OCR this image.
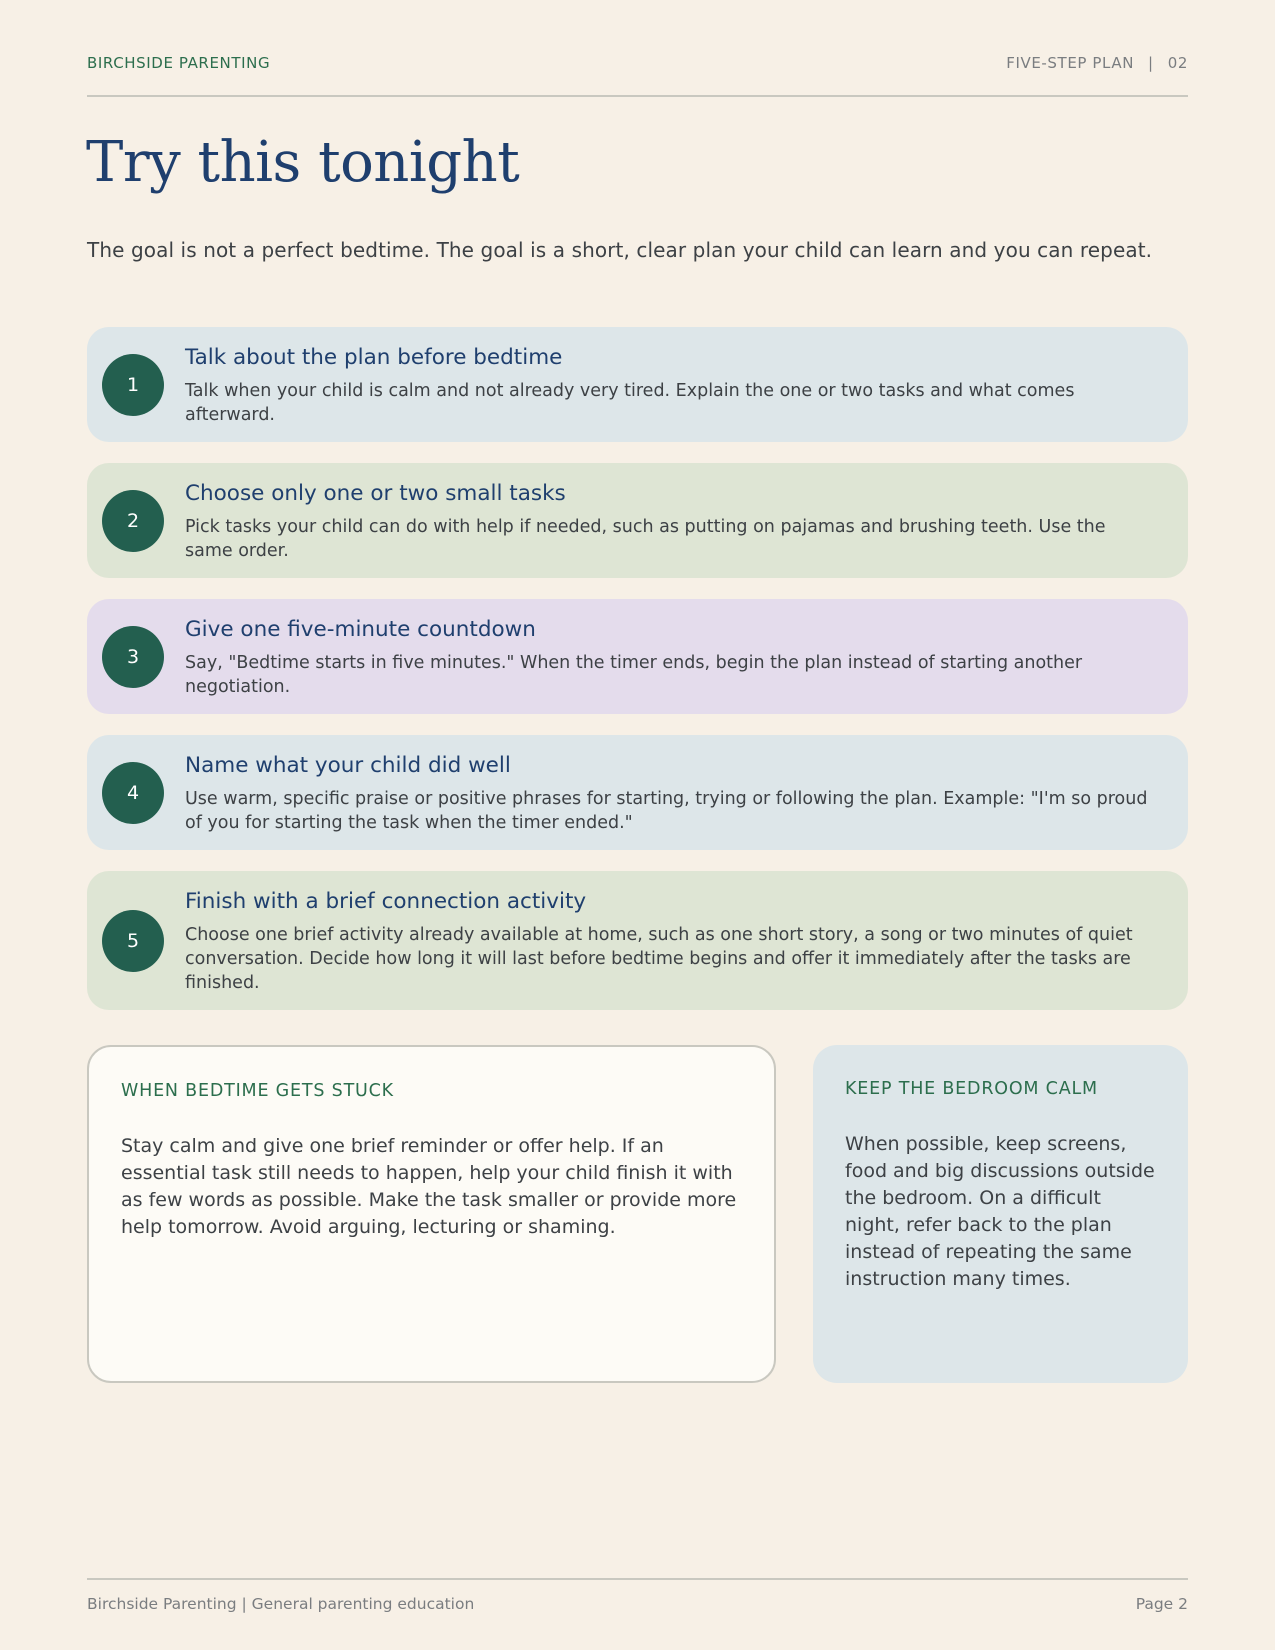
BIRCHSIDE PARENTING	FIVE-STEP PLAN | 02
Try this tonight

The goal is not a perfect bedtime. The goal is a short, clear plan your child can learn and you can repeat.

1
Talk about the plan before bedtime

Talk when your child is calm and not already very tired. Explain the one or two tasks and what comes afterward.

2
Choose only one or two small tasks

Pick tasks your child can do with help if needed, such as putting on pajamas and brushing teeth. Use the same order.

3
Give one five-minute countdown

Say, "Bedtime starts in five minutes." When the timer ends, begin the plan instead of starting another negotiation.

4
Name what your child did well

Use warm, specific praise or positive phrases for starting, trying or following the plan. Example: "I'm so proud of you for starting the task when the timer ended."

5
Finish with a brief connection activity

Choose one brief activity already available at home, such as one short story, a song or two minutes of quiet conversation. Decide how long it will last before bedtime begins and offer it immediately after the tasks are finished.

WHEN BEDTIME GETS STUCK

Stay calm and give one brief reminder or offer help. If an essential task still needs to happen, help your child finish it with as few words as possible. Make the task smaller or provide more help tomorrow. Avoid arguing, lecturing or shaming.

KEEP THE BEDROOM CALM

When possible, keep screens, food and big discussions outside the bedroom. On a difficult night, refer back to the plan instead of repeating the same instruction many times.

Birchside Parenting | General parenting education	Page 2
